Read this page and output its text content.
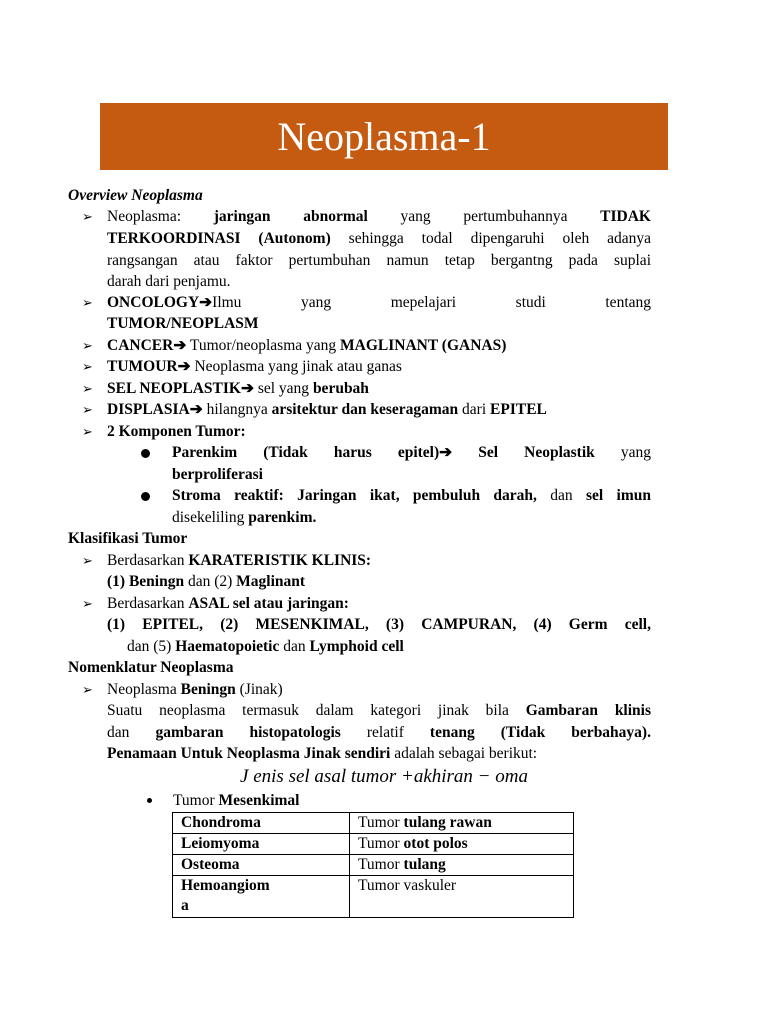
Neoplasma-1
Overview Neoplasma
➢ Neoplasma: jaringan abnormal yang pertumbuhannya TIDAK
TERKOORDINASI (Autonom) sehingga todal dipengaruhi oleh adanya
rangsangan atau faktor pertumbuhan namun tetap bergantng pada suplai
darah dari penjamu.
➢ ONCOLOGY➔Ilmu yang mepelajari studi tentang
TUMOR/NEOPLASM
➢ CANCER➔ Tumor/neoplasma yang MAGLINANT (GANAS)
➢ TUMOUR➔ Neoplasma yang jinak atau ganas
➢ SEL NEOPLASTIK➔ sel yang berubah
➢ DISPLASIA➔ hilangnya arsitektur dan keseragaman dari EPITEL
➢ 2 Komponen Tumor:
Parenkim (Tidak harus epitel)➔ Sel Neoplastik yang
berproliferasi
Stroma reaktif: Jaringan ikat, pembuluh darah, dan sel imun
disekeliling parenkim.
Klasifikasi Tumor
➢ Berdasarkan KARATERISTIK KLINIS:
(1) Beningn dan (2) Maglinant
➢ Berdasarkan ASAL sel atau jaringan:
(1) EPITEL, (2) MESENKIMAL, (3) CAMPURAN, (4) Germ cell,
dan (5) Haematopoietic dan Lymphoid cell
Nomenklatur Neoplasma
➢ Neoplasma Beningn (Jinak)
Suatu neoplasma termasuk dalam kategori jinak bila Gambaran klinis
dan gambaran histopatologis relatif tenang (Tidak berbahaya).
Penamaan Untuk Neoplasma Jinak sendiri adalah sebagai berikut:
J enis sel asal tumor +akhiran − oma
Tumor Mesenkimal
Chondroma	Tumor tulang rawan
Leiomyoma	Tumor otot polos
Osteoma	Tumor tulang
Hemoangiom
a	Tumor vaskuler
